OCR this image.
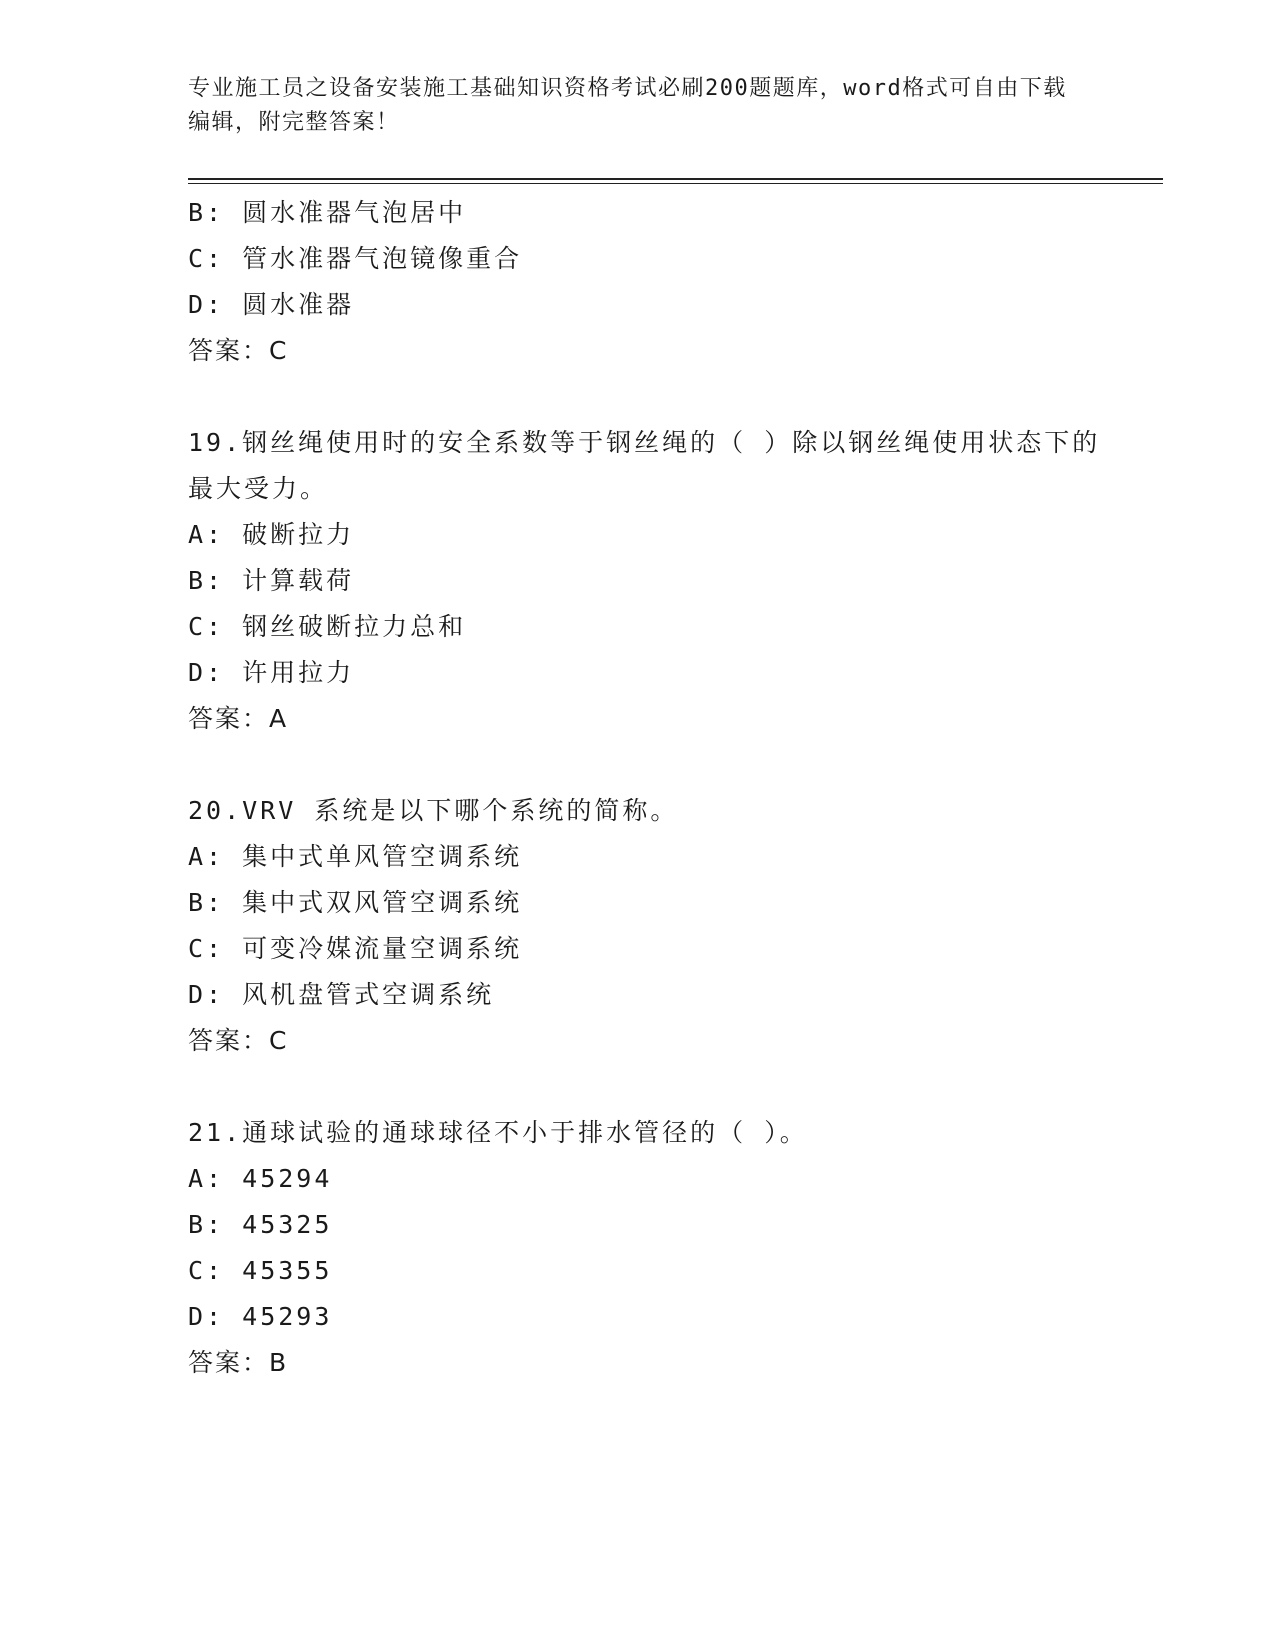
专业施工员之设备安装施工基础知识资格考试必刷200题题库，word格式可自由下载编辑，附完整答案！
B: 圆水准器气泡居中
C: 管水准器气泡镜像重合
D: 圆水准器
答案：C
19.钢丝绳使用时的安全系数等于钢丝绳的（ ）除以钢丝绳使用状态下的最大受力。
A: 破断拉力
B: 计算载荷
C: 钢丝破断拉力总和
D: 许用拉力
答案：A
20.VRV 系统是以下哪个系统的简称。
A: 集中式单风管空调系统
B: 集中式双风管空调系统
C: 可变冷媒流量空调系统
D: 风机盘管式空调系统
答案：C
21.通球试验的通球球径不小于排水管径的（ ）。
A: 45294
B: 45325
C: 45355
D: 45293
答案：B
